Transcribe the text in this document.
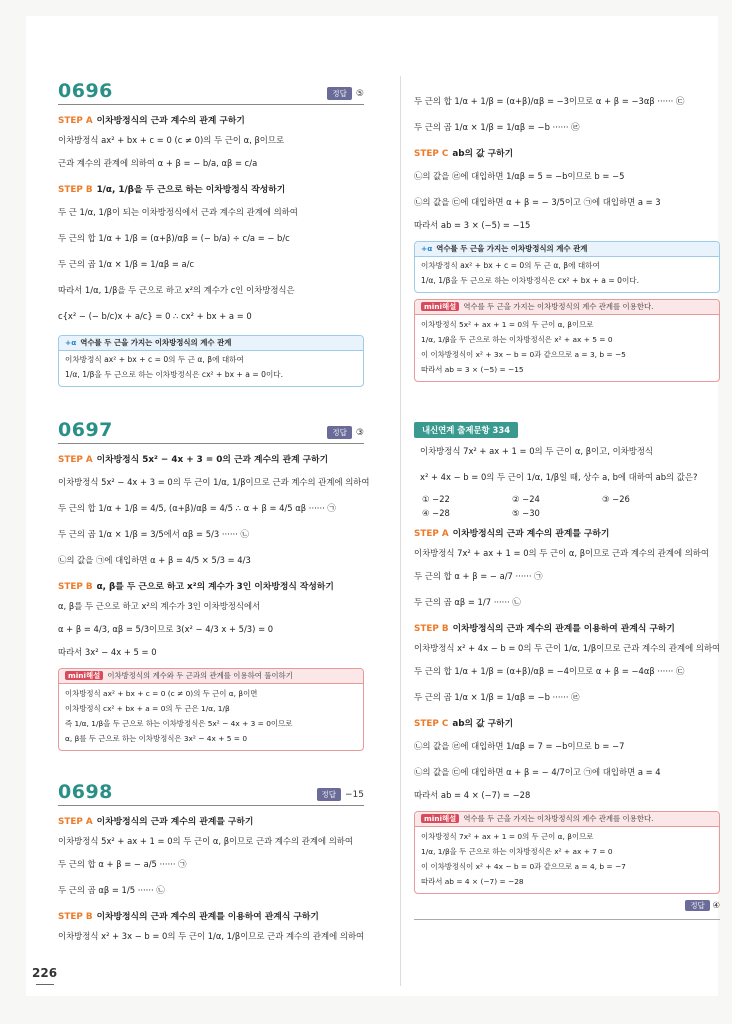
0696	정답	⑤
STEP A 이차방정식의 근과 계수의 관계 구하기
이차방정식 ax² + bx + c = 0 (c ≠ 0)의 두 근이 α, β이므로
근과 계수의 관계에 의하여 α + β = − b/a, αβ = c/a
STEP B 1/α, 1/β을 두 근으로 하는 이차방정식 작성하기
두 근 1/α, 1/β이 되는 이차방정식에서 근과 계수의 관계에 의하여
두 근의 합 1/α + 1/β = (α+β)/αβ = (− b/a) ÷ c/a = − b/c
두 근의 곱 1/α × 1/β = 1/αβ = a/c
따라서 1/α, 1/β을 두 근으로 하고 x²의 계수가 c인 이차방정식은
c{x² − (− b/c)x + a/c} = 0 ∴ cx² + bx + a = 0
+α 역수를 두 근을 가지는 이차방정식의 계수 관계
이차방정식 ax² + bx + c = 0의 두 근 α, β에 대하여
1/α, 1/β을 두 근으로 하는 이차방정식은 cx² + bx + a = 0이다.
0697	정답	③
STEP A 이차방정식 5x² − 4x + 3 = 0의 근과 계수의 관계 구하기
이차방정식 5x² − 4x + 3 = 0의 두 근이 1/α, 1/β이므로 근과 계수의 관계에 의하여
두 근의 합 1/α + 1/β = 4/5, (α+β)/αβ = 4/5 ∴ α + β = 4/5 αβ ······ ㉠
두 근의 곱 1/α × 1/β = 3/5에서 αβ = 5/3 ······ ㉡
㉡의 값을 ㉠에 대입하면 α + β = 4/5 × 5/3 = 4/3
STEP B α, β를 두 근으로 하고 x²의 계수가 3인 이차방정식 작성하기
α, β를 두 근으로 하고 x²의 계수가 3인 이차방정식에서
α + β = 4/3, αβ = 5/3이므로 3(x² − 4/3 x + 5/3) = 0
따라서 3x² − 4x + 5 = 0
mini해설 이차방정식의 계수와 두 근과의 관계를 이용하여 풀이하기
이차방정식 ax² + bx + c = 0 (c ≠ 0)의 두 근이 α, β이면
이차방정식 cx² + bx + a = 0의 두 근은 1/α, 1/β
즉 1/α, 1/β을 두 근으로 하는 이차방정식은 5x² − 4x + 3 = 0이므로
α, β를 두 근으로 하는 이차방정식은 3x² − 4x + 5 = 0
0698	정답	−15
STEP A 이차방정식의 근과 계수의 관계를 구하기
이차방정식 5x² + ax + 1 = 0의 두 근이 α, β이므로 근과 계수의 관계에 의하여
두 근의 합 α + β = − a/5 ······ ㉠
두 근의 곱 αβ = 1/5 ······ ㉡
STEP B 이차방정식의 근과 계수의 관계를 이용하여 관계식 구하기
이차방정식 x² + 3x − b = 0의 두 근이 1/α, 1/β이므로 근과 계수의 관계에 의하여
두 근의 합 1/α + 1/β = (α+β)/αβ = −3이므로 α + β = −3αβ ······ ㉢
두 근의 곱 1/α × 1/β = 1/αβ = −b ······ ㉣
STEP C ab의 값 구하기
㉡의 값을 ㉣에 대입하면 1/αβ = 5 = −b이므로 b = −5
㉡의 값을 ㉢에 대입하면 α + β = − 3/5이고 ㉠에 대입하면 a = 3
따라서 ab = 3 × (−5) = −15
+α 역수를 두 근을 가지는 이차방정식의 계수 관계
이차방정식 ax² + bx + c = 0의 두 근 α, β에 대하여
1/α, 1/β을 두 근으로 하는 이차방정식은 cx² + bx + a = 0이다.
mini해설 역수를 두 근을 가지는 이차방정식의 계수 관계를 이용한다.
이차방정식 5x² + ax + 1 = 0의 두 근이 α, β이므로
1/α, 1/β을 두 근으로 하는 이차방정식은 x² + ax + 5 = 0
이 이차방정식이 x² + 3x − b = 0과 같으므로 a = 3, b = −5
따라서 ab = 3 × (−5) = −15
내신연계 출제문항 334
이차방정식 7x² + ax + 1 = 0의 두 근이 α, β이고, 이차방정식
x² + 4x − b = 0의 두 근이 1/α, 1/β일 때, 상수 a, b에 대하여 ab의 값은?
① −22	② −24	③ −26
④ −28	⑤ −30
STEP A 이차방정식의 근과 계수의 관계를 구하기
이차방정식 7x² + ax + 1 = 0의 두 근이 α, β이므로 근과 계수의 관계에 의하여
두 근의 합 α + β = − a/7 ······ ㉠
두 근의 곱 αβ = 1/7 ······ ㉡
STEP B 이차방정식의 근과 계수의 관계를 이용하여 관계식 구하기
이차방정식 x² + 4x − b = 0의 두 근이 1/α, 1/β이므로 근과 계수의 관계에 의하여
두 근의 합 1/α + 1/β = (α+β)/αβ = −4이므로 α + β = −4αβ ······ ㉢
두 근의 곱 1/α × 1/β = 1/αβ = −b ······ ㉣
STEP C ab의 값 구하기
㉡의 값을 ㉣에 대입하면 1/αβ = 7 = −b이므로 b = −7
㉡의 값을 ㉢에 대입하면 α + β = − 4/7이고 ㉠에 대입하면 a = 4
따라서 ab = 4 × (−7) = −28
mini해설 역수를 두 근을 가지는 이차방정식의 계수 관계를 이용한다.
이차방정식 7x² + ax + 1 = 0의 두 근이 α, β이므로
1/α, 1/β을 두 근으로 하는 이차방정식은 x² + ax + 7 = 0
이 이차방정식이 x² + 4x − b = 0과 같으므로 a = 4, b = −7
따라서 ab = 4 × (−7) = −28
정답 ④
226
